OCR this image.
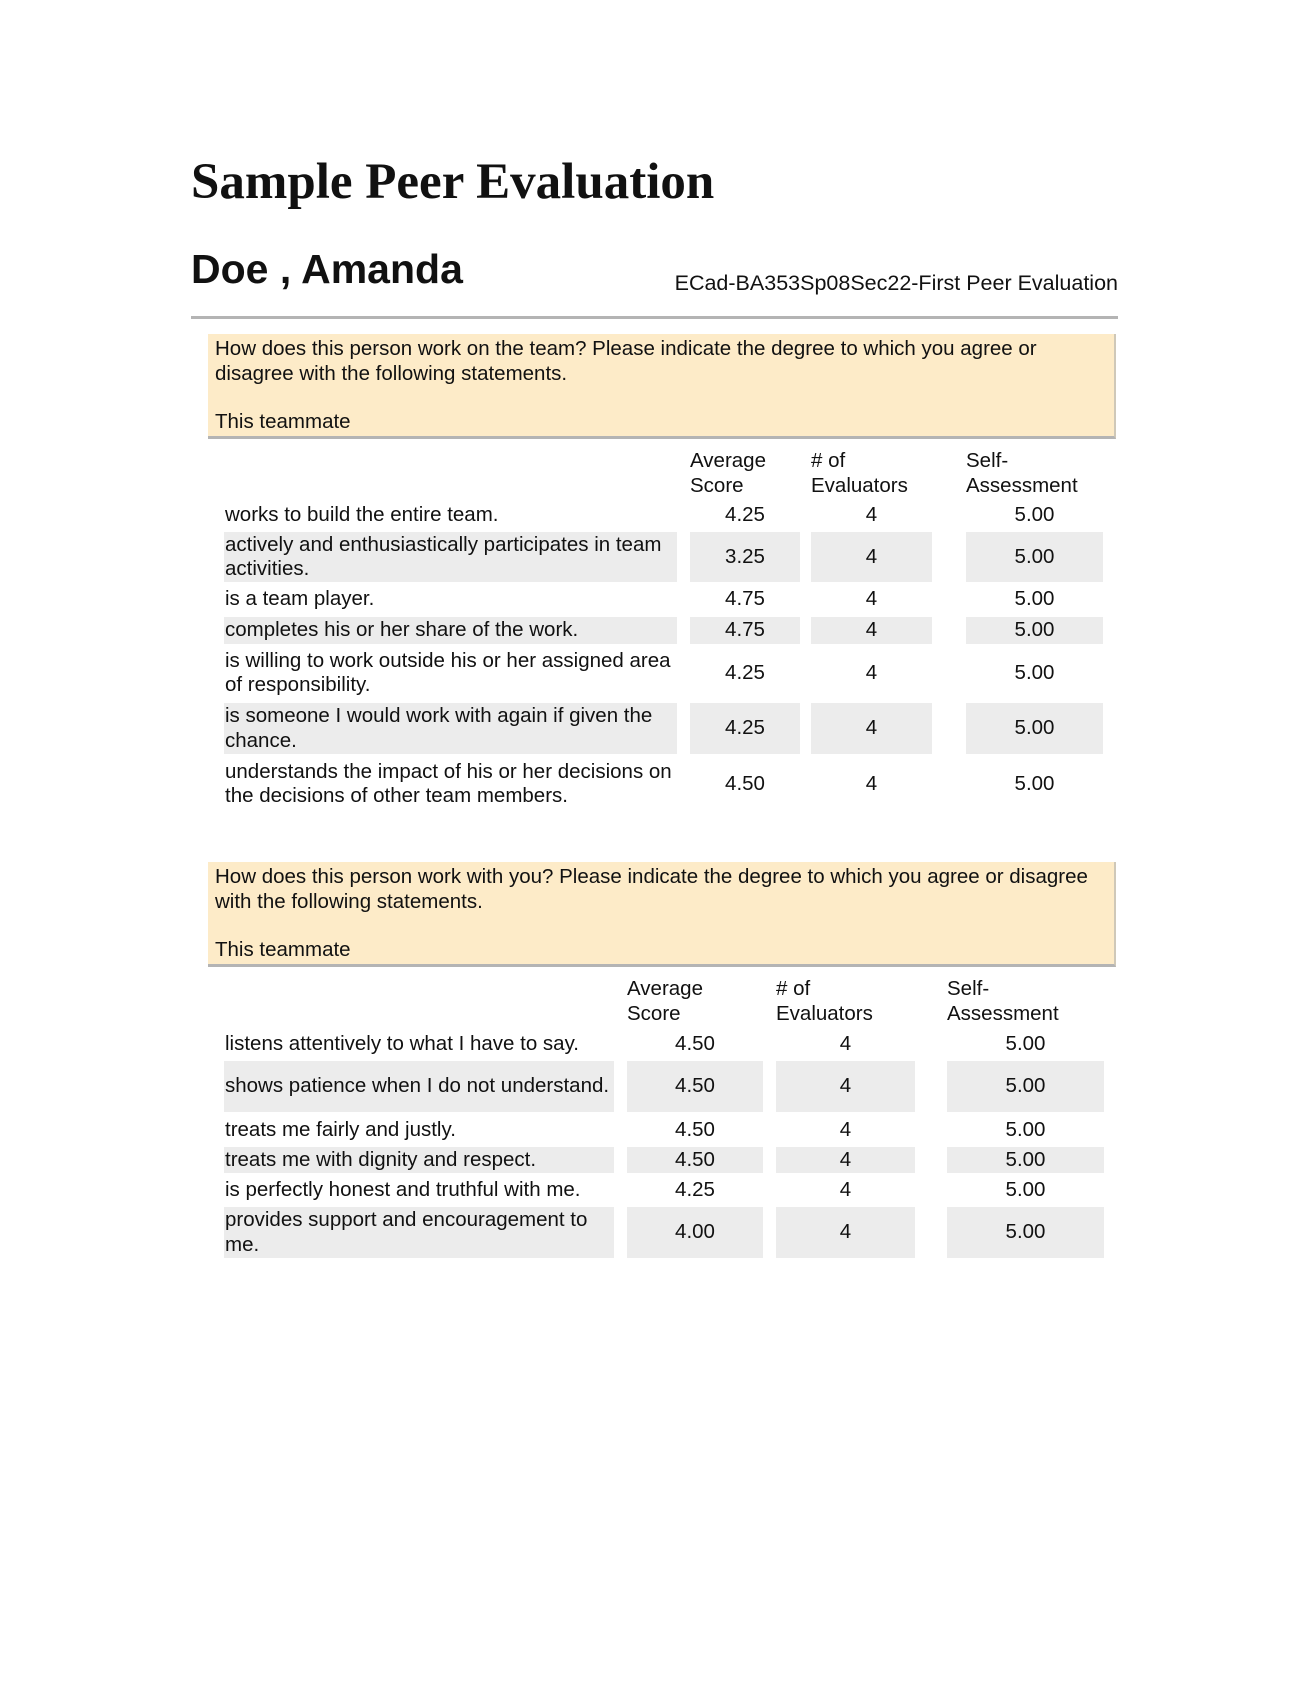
Sample Peer Evaluation
Doe , Amanda	ECad-BA353Sp08Sec22-First Peer Evaluation
How does this person work on the team? Please indicate the degree to which you agree or disagree with the following statements.
This teammate
Average
Score
# of
Evaluators
Self-
Assessment
works to build the entire team.	4.25	4	5.00
actively and enthusiastically participates in team activities.
3.25	4	5.00
is a team player.	4.75	4	5.00
completes his or her share of the work.	4.75	4	5.00
is willing to work outside his or her assigned area of responsibility.
4.25	4	5.00
is someone I would work with again if given the chance.
4.25	4	5.00
understands the impact of his or her decisions on the decisions of other team members.
4.50	4	5.00
How does this person work with you? Please indicate the degree to which you agree or disagree with the following statements.
This teammate
Average
Score
# of
Evaluators
Self-
Assessment
listens attentively to what I have to say.	4.50	4	5.00
shows patience when I do not understand.	4.50	4	5.00
treats me fairly and justly.	4.50	4	5.00
treats me with dignity and respect.	4.50	4	5.00
is perfectly honest and truthful with me.	4.25	4	5.00
provides support and encouragement to me.
4.00	4	5.00
